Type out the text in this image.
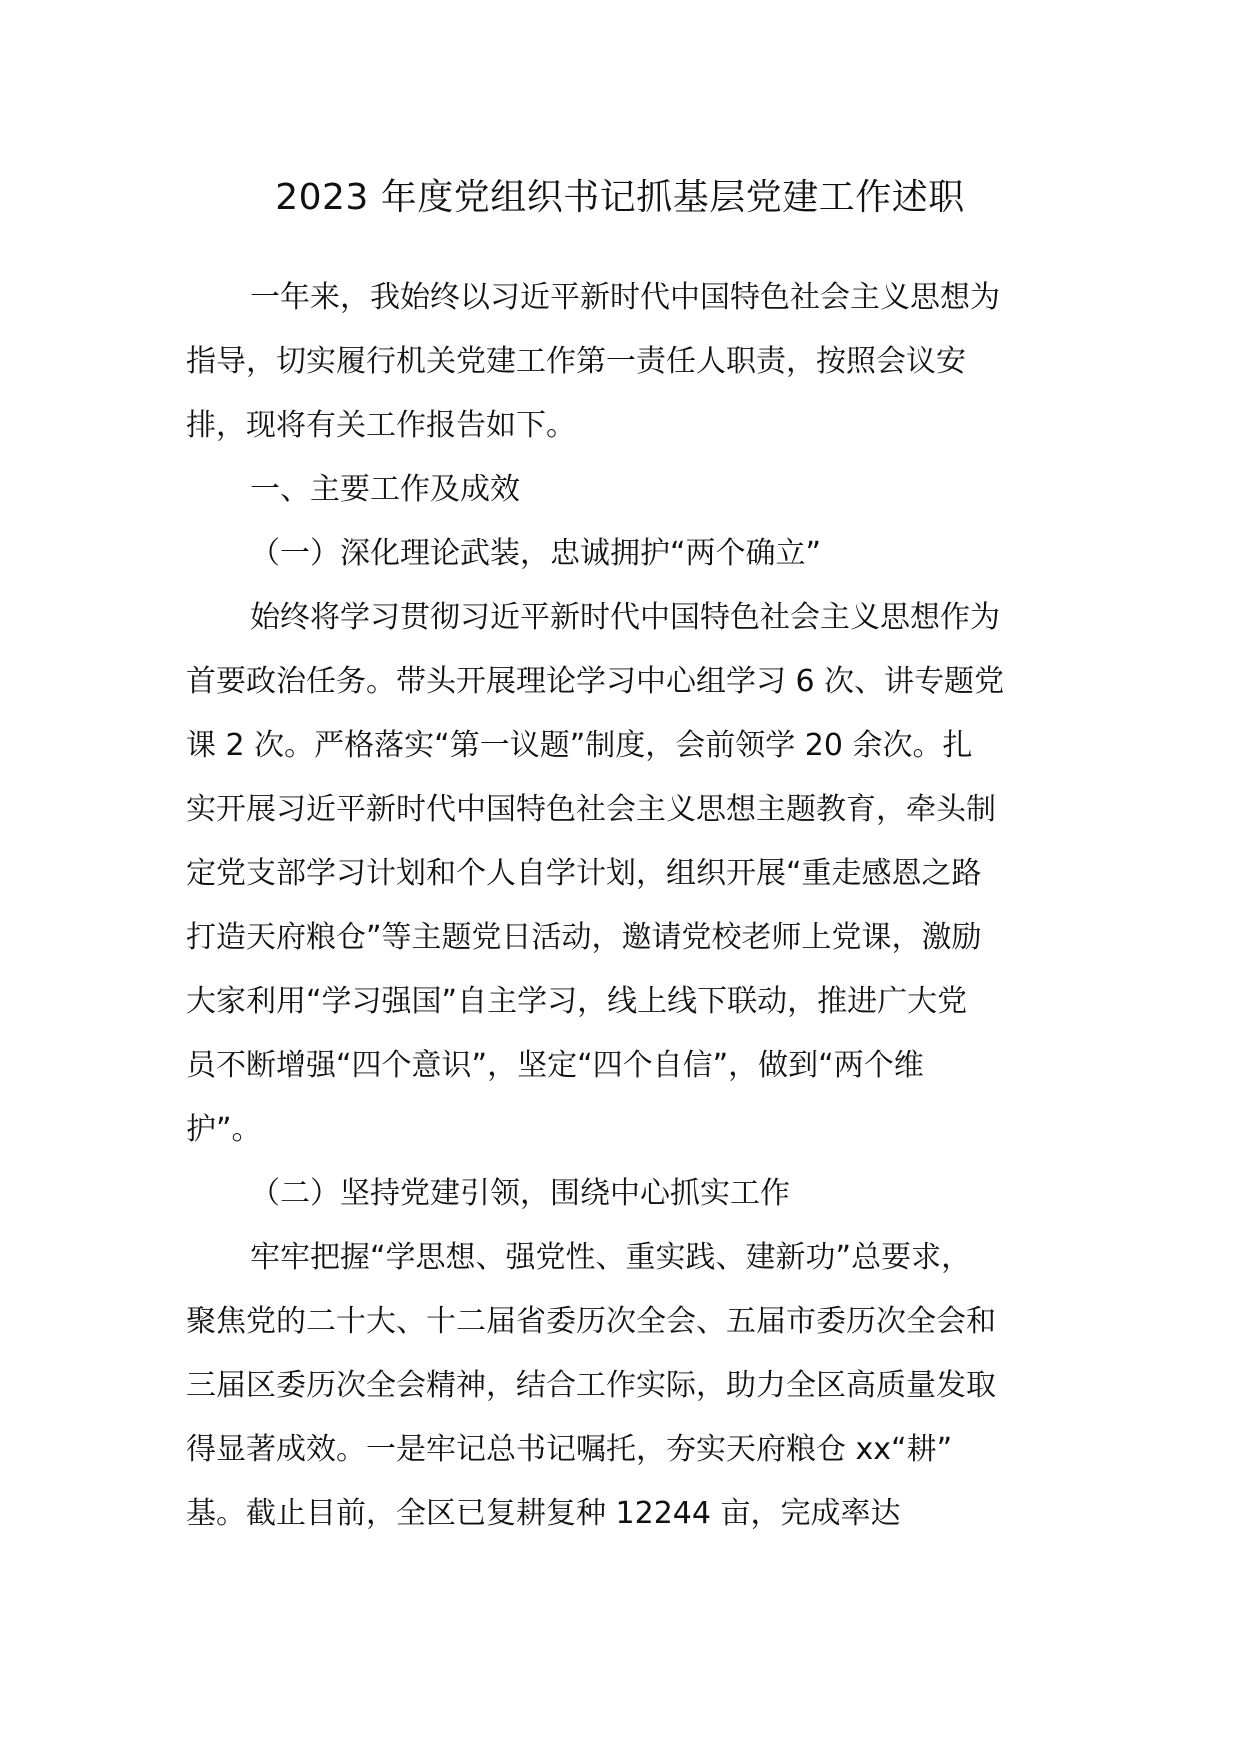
2023 年度党组织书记抓基层党建工作述职
一年来，我始终以习近平新时代中国特色社会主义思想为
指导，切实履行机关党建工作第一责任人职责，按照会议安
排，现将有关工作报告如下。
一、主要工作及成效
（一）深化理论武装，忠诚拥护“两个确立”
始终将学习贯彻习近平新时代中国特色社会主义思想作为
首要政治任务。带头开展理论学习中心组学习 6 次、讲专题党
课 2 次。严格落实“第一议题”制度，会前领学 20 余次。扎
实开展习近平新时代中国特色社会主义思想主题教育，牵头制
定党支部学习计划和个人自学计划，组织开展“重走感恩之路
打造天府粮仓”等主题党日活动，邀请党校老师上党课，激励
大家利用“学习强国”自主学习，线上线下联动，推进广大党
员不断增强“四个意识”，坚定“四个自信”，做到“两个维
护”。
（二）坚持党建引领，围绕中心抓实工作
牢牢把握“学思想、强党性、重实践、建新功”总要求，
聚焦党的二十大、十二届省委历次全会、五届市委历次全会和
三届区委历次全会精神，结合工作实际，助力全区高质量发取
得显著成效。一是牢记总书记嘱托，夯实天府粮仓 xx“耕”
基。截止目前，全区已复耕复种 12244 亩，完成率达
